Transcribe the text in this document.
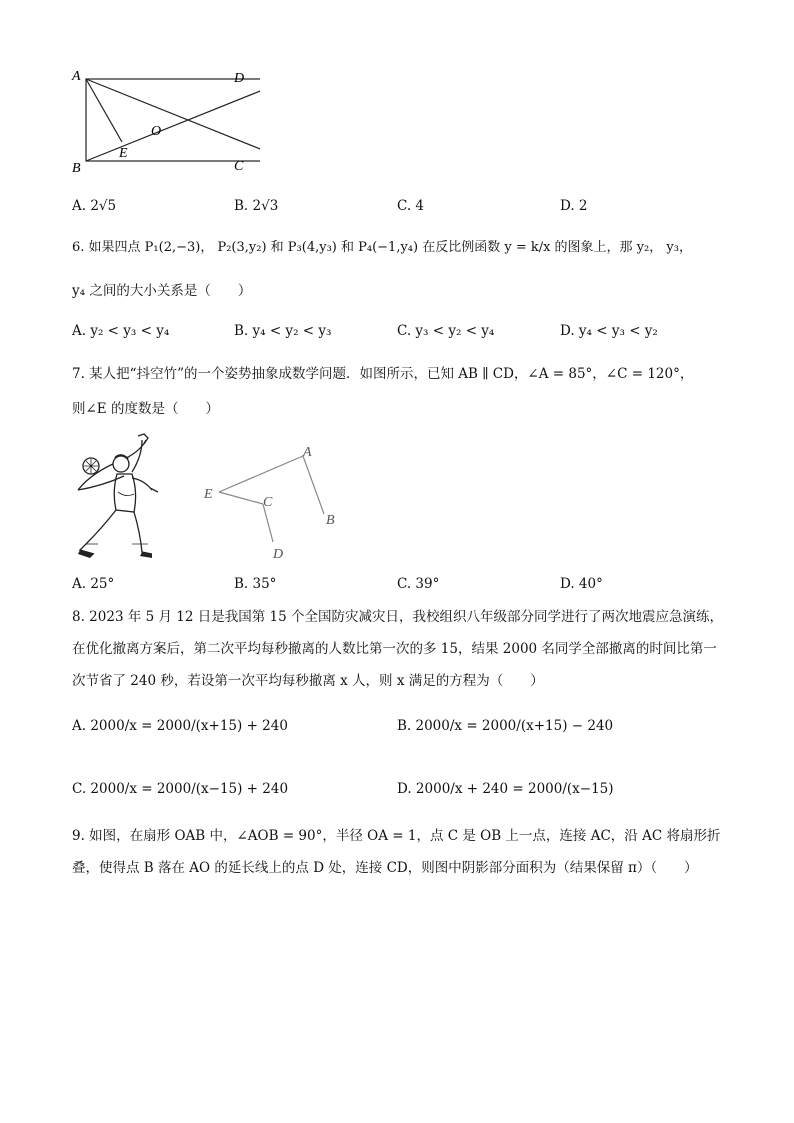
A	D
B	C
O
E
A. 2√5	B. 2√3	C. 4	D. 2
6. 如果四点 P₁(2,−3)， P₂(3,y₂) 和 P₃(4,y₃) 和 P₄(−1,y₄) 在反比例函数 y = k/x 的图象上，那 y₂， y₃，
y₄ 之间的大小关系是（　　）
A. y₂ < y₃ < y₄	B. y₄ < y₂ < y₃	C. y₃ < y₂ < y₄	D. y₄ < y₃ < y₂
7. 某人把“抖空竹”的一个姿势抽象成数学问题．如图所示，已知 AB ∥ CD，∠A = 85°，∠C = 120°，
则∠E 的度数是（　　）
A
B
C
D
E
A. 25°	B. 35°	C. 39°	D. 40°
8. 2023 年 5 月 12 日是我国第 15 个全国防灾减灾日，我校组织八年级部分同学进行了两次地震应急演练，
在优化撤离方案后，第二次平均每秒撤离的人数比第一次的多 15，结果 2000 名同学全部撤离的时间比第一
次节省了 240 秒，若设第一次平均每秒撤离 x 人，则 x 满足的方程为（　　）
A. 2000/x = 2000/(x+15) + 240	B. 2000/x = 2000/(x+15) − 240
C. 2000/x = 2000/(x−15) + 240	D. 2000/x + 240 = 2000/(x−15)
9. 如图，在扇形 OAB 中，∠AOB = 90°，半径 OA = 1，点 C 是 OB 上一点，连接 AC，沿 AC 将扇形折
叠，使得点 B 落在 AO 的延长线上的点 D 处，连接 CD，则图中阴影部分面积为（结果保留 π）（　　）
